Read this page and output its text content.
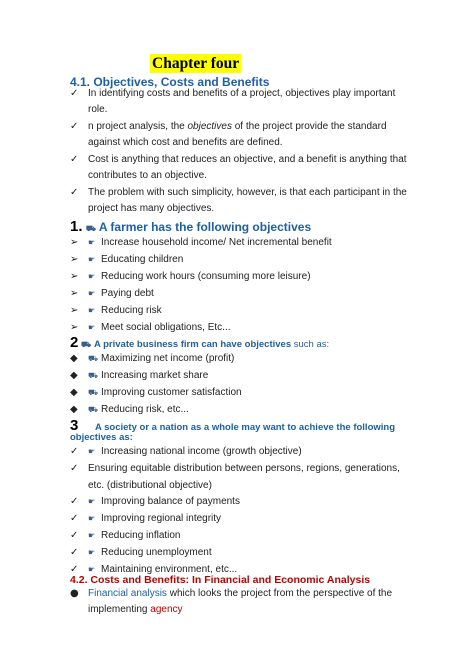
Chapter four
4.1. Objectives, Costs and Benefits
✓ In identifying costs and benefits of a project, objectives play important
role.
✓ n project analysis, the objectives of the project provide the standard
against which cost and benefits are defined.
✓ Cost is anything that reduces an objective, and a benefit is anything that
contributes to an objective.
✓ The problem with such simplicity, however, is that each participant in the
project has many objectives.
1. ⛟ A farmer has the following objectives
➢	☛ Increase household income/ Net incremental benefit
➢	☛ Educating children
➢	☛ Reducing work hours (consuming more leisure)
➢	☛ Paying debt
➢	☛ Reducing risk
➢	☛ Meet social obligations, Etc...
2 ⛟ A private business firm can have objectives such as:
◆	⛟ Maximizing net income (profit)
◆	⛟ Increasing market share
◆	⛟ Improving customer satisfaction
◆	⛟ Reducing risk, etc...
3 A society or a nation as a whole may want to achieve the following
objectives as:
✓	☛ Increasing national income (growth objective)
✓ Ensuring equitable distribution between persons, regions, generations,
etc. (distributional objective)
✓	☛ Improving balance of payments
✓	☛ Improving regional integrity
✓	☛ Reducing inflation
✓	☛ Reducing unemployment
✓	☛ Maintaining environment, etc...
4.2. Costs and Benefits: In Financial and Economic Analysis
● Financial analysis which looks the project from the perspective of the
implementing agency
